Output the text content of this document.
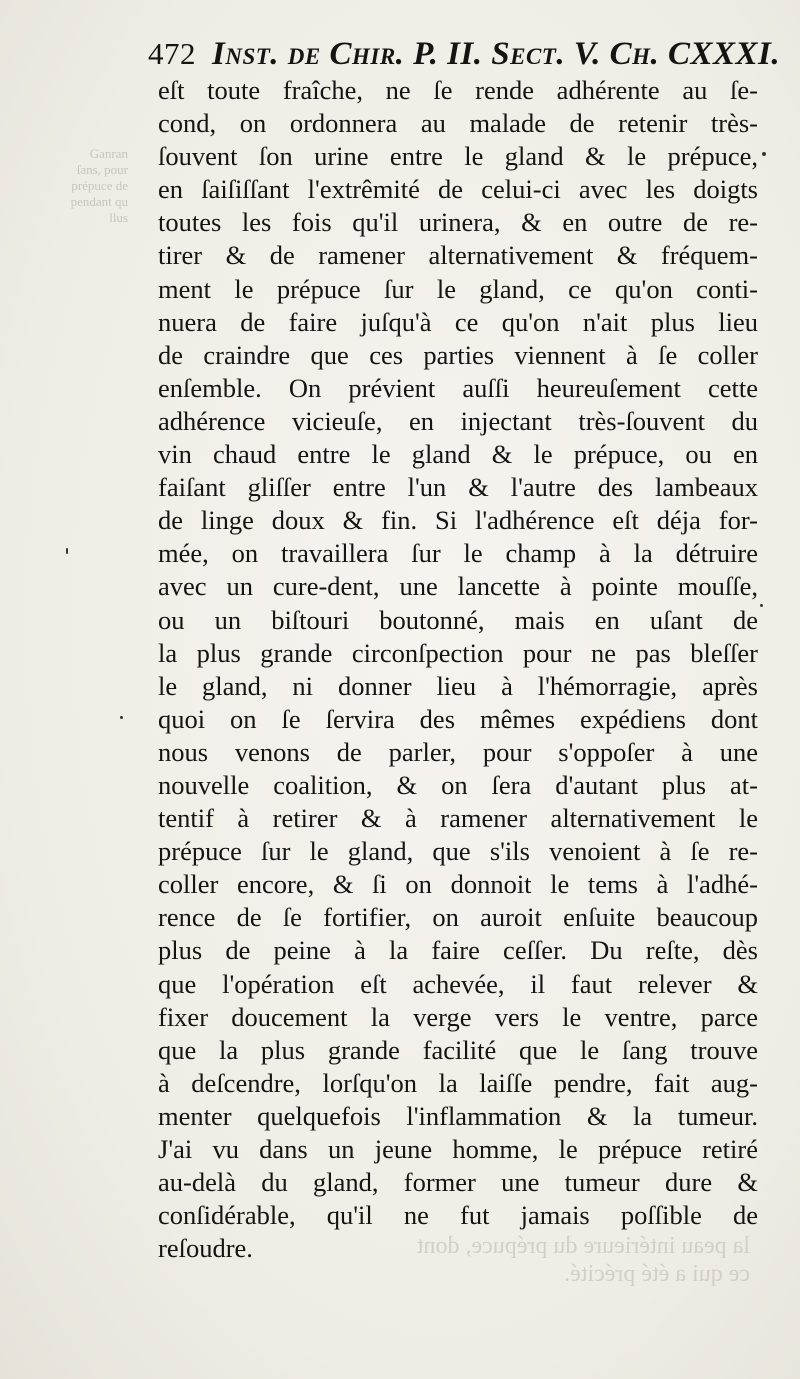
Ganran
ſans, pour
prépuce de
pendant qu
llus
472 Inst. de Chir. P. II. Sect. V. Ch. CXXXI.
eſt toute fraîche, ne ſe rende adhérente au ſe-
cond, on ordonnera au malade de retenir très-
ſouvent ſon urine entre le gland & le prépuce,
en ſaiſiſſant l'extrêmité de celui-ci avec les doigts
toutes les fois qu'il urinera, & en outre de re-
tirer & de ramener alternativement & fréquem-
ment le prépuce ſur le gland, ce qu'on conti-
nuera de faire juſqu'à ce qu'on n'ait plus lieu
de craindre que ces parties viennent à ſe coller
enſemble. On prévient auſſi heureuſement cette
adhérence vicieuſe, en injectant très-ſouvent du
vin chaud entre le gland & le prépuce, ou en
faiſant gliſſer entre l'un & l'autre des lambeaux
de linge doux & fin. Si l'adhérence eſt déja for-
mée, on travaillera ſur le champ à la détruire
avec un cure-dent, une lancette à pointe mouſſe,
ou un biſtouri boutonné, mais en uſant de
la plus grande circonſpection pour ne pas bleſſer
le gland, ni donner lieu à l'hémorragie, après
quoi on ſe ſervira des mêmes expédiens dont
nous venons de parler, pour s'oppoſer à une
nouvelle coalition, & on ſera d'autant plus at-
tentif à retirer & à ramener alternativement le
prépuce ſur le gland, que s'ils venoient à ſe re-
coller encore, & ſi on donnoit le tems à l'adhé-
rence de ſe fortifier, on auroit enſuite beaucoup
plus de peine à la faire ceſſer. Du reſte, dès
que l'opération eſt achevée, il faut relever &
fixer doucement la verge vers le ventre, parce
que la plus grande facilité que le ſang trouve
à deſcendre, lorſqu'on la laiſſe pendre, fait aug-
menter quelquefois l'inflammation & la tumeur.
J'ai vu dans un jeune homme, le prépuce retiré
au-delà du gland, former une tumeur dure &
conſidérable, qu'il ne fut jamais poſſible de
reſoudre.	la peau intérieure du prépuce, dont
ce qui a été précité.
